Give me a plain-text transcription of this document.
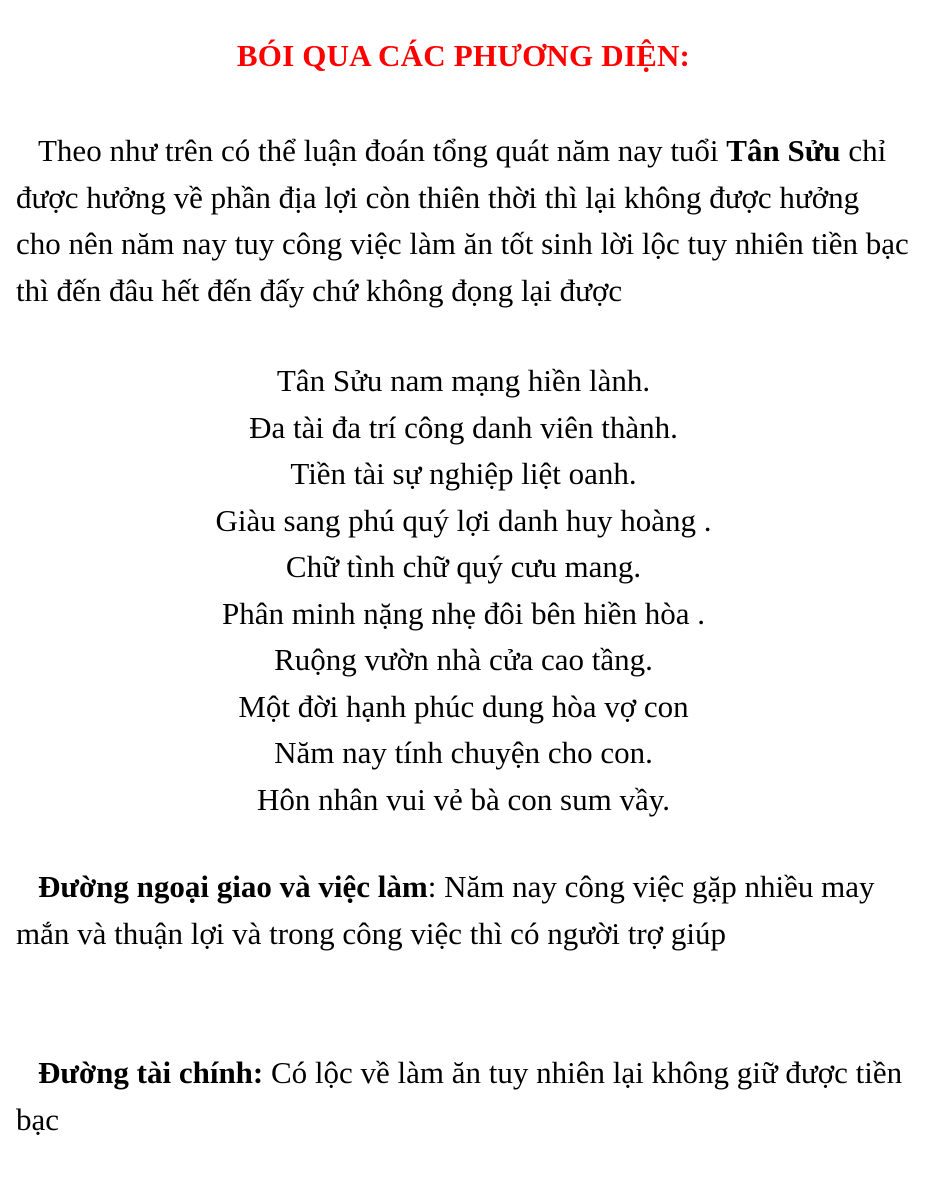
BÓI QUA CÁC PHƯƠNG DIỆN:

Theo như trên có thể luận đoán tổng quát năm nay tuổi Tân Sửu chỉ được hưởng về phần địa lợi còn thiên thời thì lại không được hưởng cho nên năm nay tuy công việc làm ăn tốt sinh lời lộc tuy nhiên tiền bạc thì đến đâu hết đến đấy chứ không đọng lại được

Tân Sửu nam mạng hiền lành.
Đa tài đa trí công danh viên thành.
Tiền tài sự nghiệp liệt oanh.
Giàu sang phú quý lợi danh huy hoàng .
Chữ tình chữ quý cưu mang.
Phân minh nặng nhẹ đôi bên hiền hòa .
Ruộng vườn nhà cửa cao tầng.
Một đời hạnh phúc dung hòa vợ con
Năm nay tính chuyện cho con.
Hôn nhân vui vẻ bà con sum vầy.

Đường ngoại giao và việc làm: Năm nay công việc gặp nhiều may mắn và thuận lợi và trong công việc thì có người trợ giúp

Đường tài chính: Có lộc về làm ăn tuy nhiên lại không giữ được tiền bạc
